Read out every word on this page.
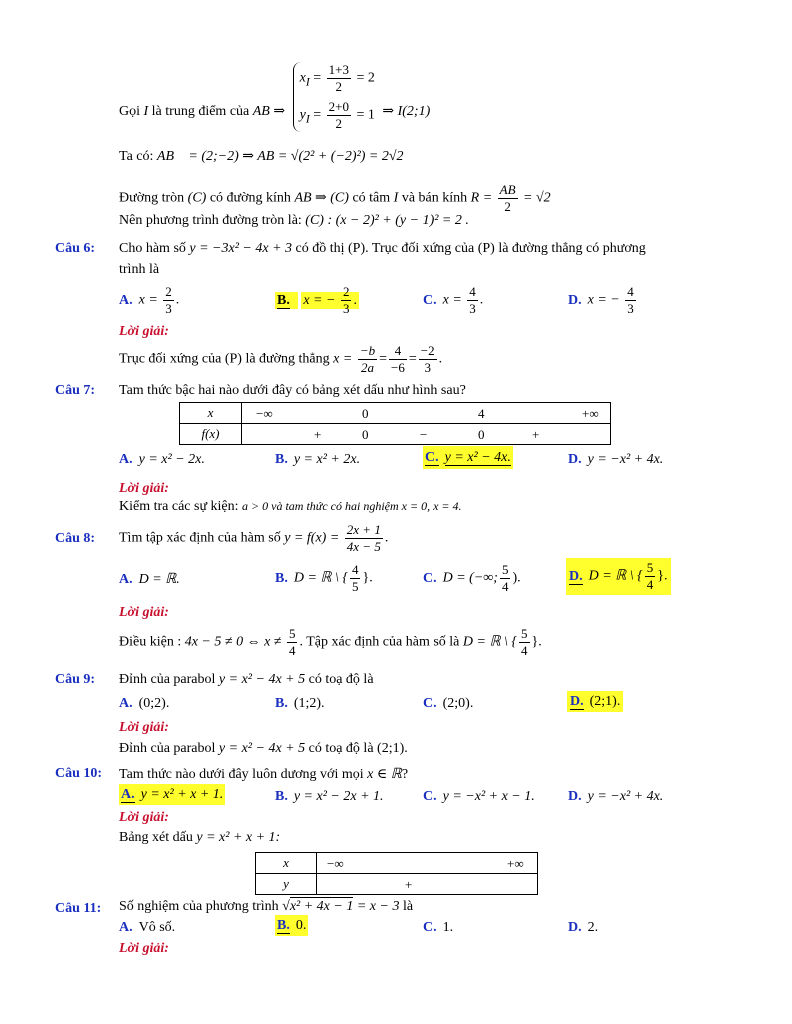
Gọi I là trung điểm của AB ⇒
$x_I = \frac{1+3}{2} = 2$
$y_I = \frac{2+0}{2} = 1$ ⇒ I(2;1)
Ta có: AB⃗ = (2;−2) ⇒ AB = √(2² + (−2)²) = 2√2
Đường tròn (C) có đường kính AB ⇒ (C) có tâm I và bán kính $R = \frac{AB}{2} = √2$
Nên phương trình đường tròn là: (C) : (x − 2)² + (y − 1)² = 2 .
Câu 6: Cho hàm số y = −3x² − 4x + 3 có đồ thị (P). Trục đối xứng của (P) là đường thẳng có phương
trình là
A. $x = \frac{2}{3}$ .	B. x = − $\frac{2}{3}$ .	C. $x = \frac{4}{3}$ .	D. x = − $\frac{4}{3}$
Lời giải:
Trục đối xứng của (P) là đường thẳng $x = \frac{-b}{2a} = \frac{4}{-6} = \frac{-2}{3}$ .
Câu 7: Tam thức bậc hai nào dưới đây có bảng xét dấu như hình sau?
x	−∞ 0 4 +∞

f(x)	+ 0 − 0 +
A. y = x² − 2x.	B. y = x² + 2x.	C. y = x² − 4x.	D. y = −x² + 4x.
Lời giải:
Kiểm tra các sự kiện: a > 0 và tam thức có hai nghiệm x = 0, x = 4.
Câu 8: Tìm tập xác định của hàm số $y = f(x) = \frac{2x + 1}{4x - 5}$ .
A. D = ℝ.	B. D = ℝ \ { $\frac{4}{5}$ }.	C. D = (−∞; $\frac{5}{4}$ ).	D. D = ℝ \ { $\frac{5}{4}$ }.
Lời giải:
Điều kiện : 4x − 5 ≠ 0 ⇔ $x \ne \frac{5}{4}$ . Tập xác định của hàm số là D = ℝ \ { $\frac{5}{4}$ }.
Câu 9: Đỉnh của parabol y = x² − 4x + 5 có toạ độ là
A. (0;2).	B. (1;2).	C. (2;0).	D. (2;1).
Lời giải:
Đỉnh của parabol y = x² − 4x + 5 có toạ độ là (2;1).
Câu 10: Tam thức nào dưới đây luôn dương với mọi x ∈ ℝ?
A. y = x² + x + 1.	B. y = x² − 2x + 1.	C. y = −x² + x − 1. D. y = −x² + 4x.
Lời giải:
Bảng xét dấu y = x² + x + 1:
x	−∞ +∞

y	+
Câu 11: Số nghiệm của phương trình √x² + 4x − 1 = x − 3 là
A. Vô số.	B. 0.	C. 1.	D. 2.
Lời giải:
